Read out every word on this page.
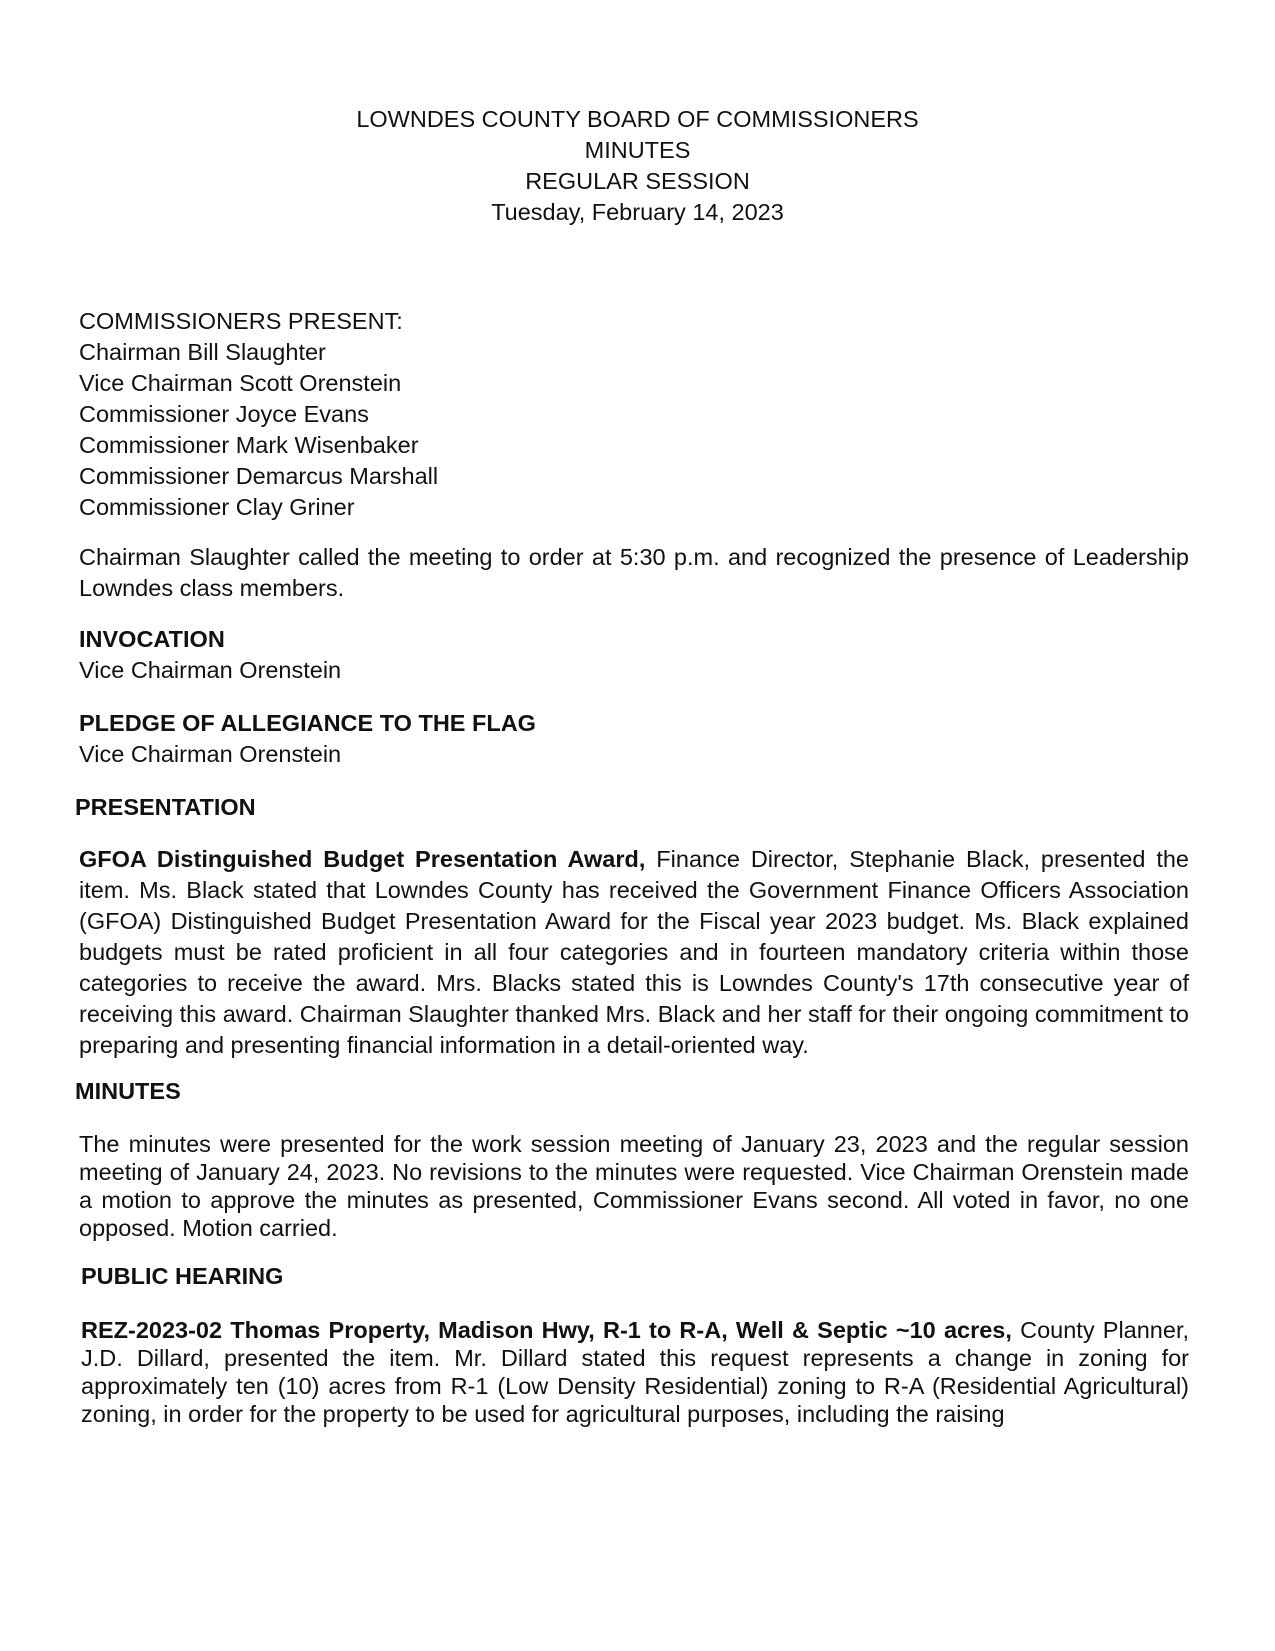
LOWNDES COUNTY BOARD OF COMMISSIONERS
MINUTES
REGULAR SESSION
Tuesday, February 14, 2023
COMMISSIONERS PRESENT:
Chairman Bill Slaughter
Vice Chairman Scott Orenstein
Commissioner Joyce Evans
Commissioner Mark Wisenbaker
Commissioner Demarcus Marshall
Commissioner Clay Griner
Chairman Slaughter called the meeting to order at 5:30 p.m. and recognized the presence of Leadership Lowndes class members.
INVOCATION
Vice Chairman Orenstein
PLEDGE OF ALLEGIANCE TO THE FLAG
Vice Chairman Orenstein
PRESENTATION
GFOA Distinguished Budget Presentation Award, Finance Director, Stephanie Black, presented the item. Ms. Black stated that Lowndes County has received the Government Finance Officers Association (GFOA) Distinguished Budget Presentation Award for the Fiscal year 2023 budget. Ms. Black explained budgets must be rated proficient in all four categories and in fourteen mandatory criteria within those categories to receive the award. Mrs. Blacks stated this is Lowndes County's 17th consecutive year of receiving this award. Chairman Slaughter thanked Mrs. Black and her staff for their ongoing commitment to preparing and presenting financial information in a detail-oriented way.
MINUTES
The minutes were presented for the work session meeting of January 23, 2023 and the regular session meeting of January 24, 2023. No revisions to the minutes were requested. Vice Chairman Orenstein made a motion to approve the minutes as presented, Commissioner Evans second. All voted in favor, no one opposed. Motion carried.
PUBLIC HEARING
REZ-2023-02 Thomas Property, Madison Hwy, R-1 to R-A, Well & Septic ~10 acres, County Planner, J.D. Dillard, presented the item. Mr. Dillard stated this request represents a change in zoning for approximately ten (10) acres from R-1 (Low Density Residential) zoning to R-A (Residential Agricultural) zoning, in order for the property to be used for agricultural purposes, including the raising
